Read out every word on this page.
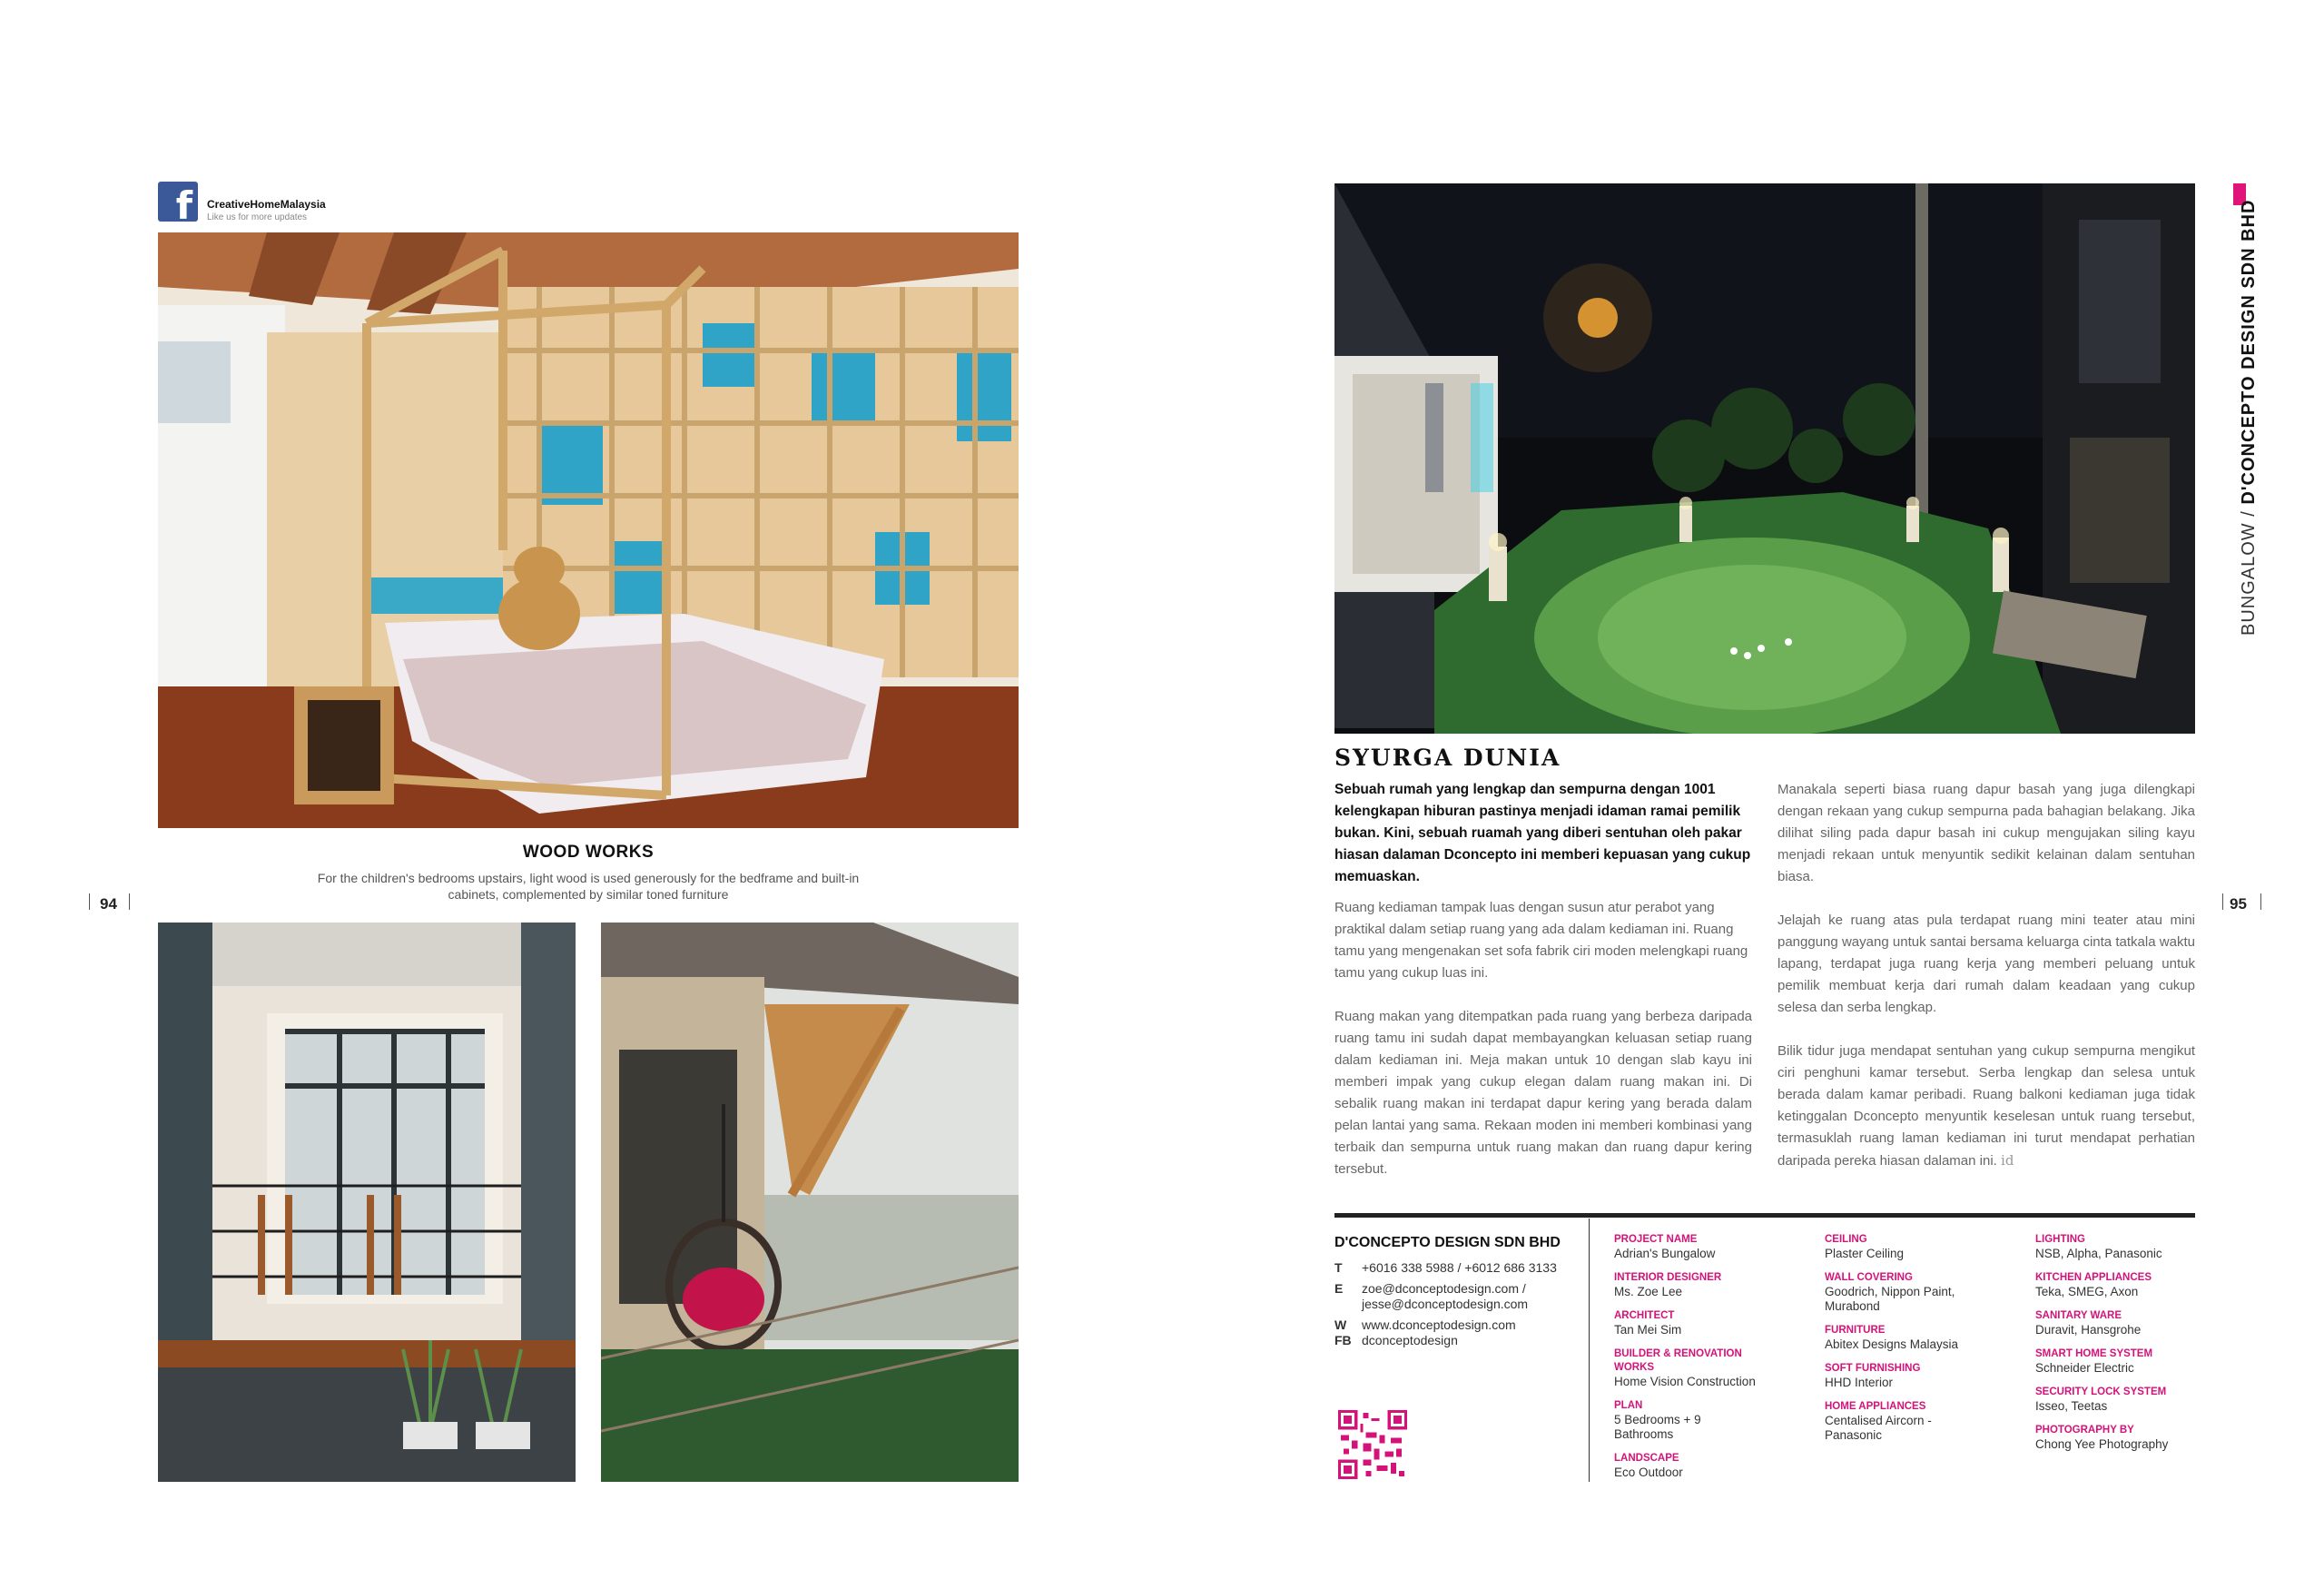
f	CreativeHomeMalaysia
Like us for more updates
WOOD WORKS
For the children's bedrooms upstairs, light wood is used generously for the bedframe and built-in cabinets, complemented by similar toned furniture
94
BUNGALOW / D'CONCEPTO DESIGN SDN BHD
SYURGA DUNIA

Sebuah rumah yang lengkap dan sempurna dengan 1001 kelengkapan hiburan pastinya menjadi idaman ramai pemilik bukan. Kini, sebuah ruamah yang diberi sentuhan oleh pakar hiasan dalaman Dconcepto ini memberi kepuasan yang cukup memuaskan.

Ruang kediaman tampak luas dengan susun atur perabot yang praktikal dalam setiap ruang yang ada dalam kediaman ini. Ruang tamu yang mengenakan set sofa fabrik ciri moden melengkapi ruang tamu yang cukup luas ini.

Ruang makan yang ditempatkan pada ruang yang berbeza daripada ruang tamu ini sudah dapat membayangkan keluasan setiap ruang dalam kediaman ini. Meja makan untuk 10 dengan slab kayu ini memberi impak yang cukup elegan dalam ruang makan ini. Di sebalik ruang makan ini terdapat dapur kering yang berada dalam pelan lantai yang sama. Rekaan moden ini memberi kombinasi yang terbaik dan sempurna untuk ruang makan dan ruang dapur kering tersebut.

Manakala seperti biasa ruang dapur basah yang juga dilengkapi dengan rekaan yang cukup sempurna pada bahagian belakang. Jika dilihat siling pada dapur basah ini cukup mengujakan siling kayu menjadi rekaan untuk menyuntik sedikit kelainan dalam sentuhan biasa.

Jelajah ke ruang atas pula terdapat ruang mini teater atau mini panggung wayang untuk santai bersama keluarga cinta tatkala waktu lapang, terdapat juga ruang kerja yang memberi peluang untuk pemilik membuat kerja dari rumah dalam keadaan yang cukup selesa dan serba lengkap.

Bilik tidur juga mendapat sentuhan yang cukup sempurna mengikut ciri penghuni kamar tersebut. Serba lengkap dan selesa untuk berada dalam kamar peribadi. Ruang balkoni kediaman juga tidak ketinggalan Dconcepto menyuntik keselesan untuk ruang tersebut, termasuklah ruang laman kediaman ini turut mendapat perhatian daripada pereka hiasan dalaman ini. id

95
D'CONCEPTO DESIGN SDN BHD
T	+6016 338 5988 / +6012 686 3133
E	zoe@dconceptodesign.com / jesse@dconceptodesign.com
W	www.dconceptodesign.com
FB dconceptodesign
PROJECT NAME
Adrian's Bungalow
INTERIOR DESIGNER
Ms. Zoe Lee
ARCHITECT
Tan Mei Sim
BUILDER & RENOVATION WORKS
Home Vision Construction
PLAN
5 Bedrooms + 9 Bathrooms
LANDSCAPE
Eco Outdoor
CEILING
Plaster Ceiling
WALL COVERING
Goodrich, Nippon Paint, Murabond
FURNITURE
Abitex Designs Malaysia
SOFT FURNISHING
HHD Interior
HOME APPLIANCES
Centalised Aircorn - Panasonic
LIGHTING
NSB, Alpha, Panasonic
KITCHEN APPLIANCES
Teka, SMEG, Axon
SANITARY WARE
Duravit, Hansgrohe
SMART HOME SYSTEM
Schneider Electric
SECURITY LOCK SYSTEM
Isseo, Teetas
PHOTOGRAPHY BY
Chong Yee Photography
